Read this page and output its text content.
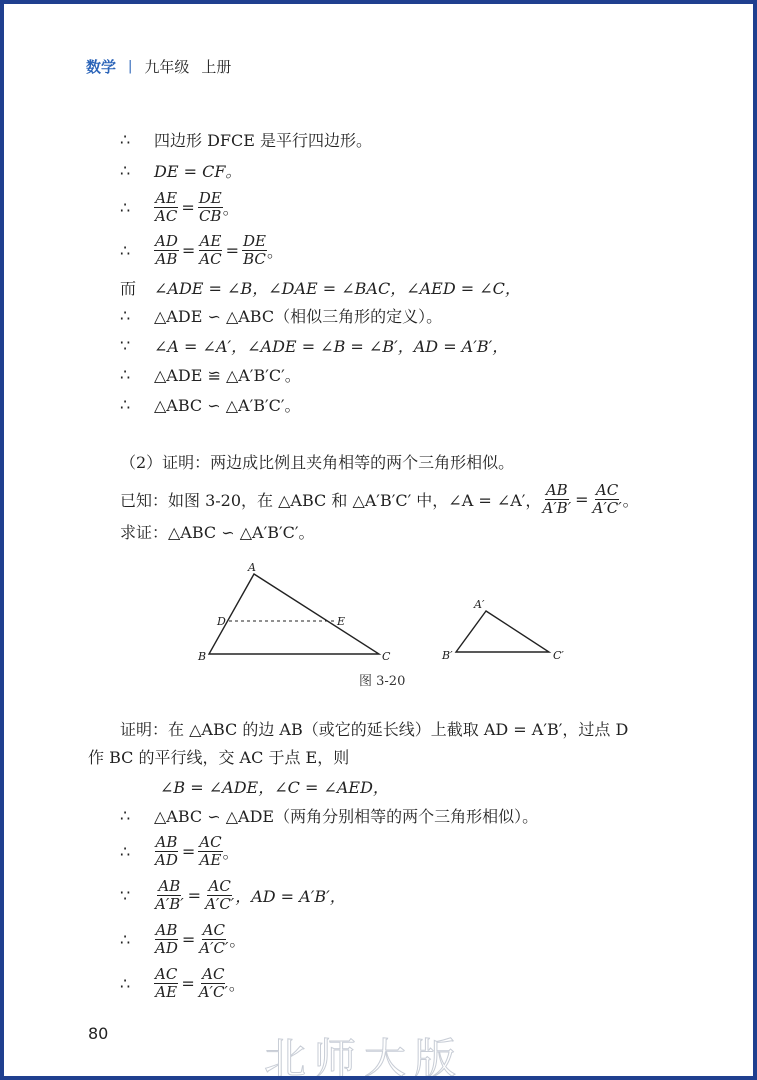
数学 | 九年级 上册
∴	四边形 DFCE 是平行四边形。
∴	DE = CF。
∴	$\frac{AE}{AC} = \frac{DE}{CB}$ 。
∴	$\frac{AD}{AB} = \frac{AE}{AC} = \frac{DE}{BC}$ 。
而	∠ADE = ∠B，∠DAE = ∠BAC，∠AED = ∠C，
∴	△ADE ∽ △ABC（相似三角形的定义）。
∵	∠A = ∠A′，∠ADE = ∠B = ∠B′，AD = A′B′，
∴	△ADE ≌ △A′B′C′。
∴	△ABC ∽ △A′B′C′。
（2）证明：两边成比例且夹角相等的两个三角形相似。
已知：如图 3-20，在 △ABC 和 △A′B′C′ 中，∠A = ∠A′， $\frac{AB}{A'B'} = \frac{AC}{A'C'}$ 。
求证：△ABC ∽ △A′B′C′。
A
B	C
D	E
A′
B′	C′
图 3-20
证明：在 △ABC 的边 AB（或它的延长线）上截取 AD = A′B′，过点 D
作 BC 的平行线，交 AC 于点 E，则
∠B = ∠ADE，∠C = ∠AED，
∴	△ABC ∽ △ADE（两角分别相等的两个三角形相似）。
∴	$\frac{AB}{AD} = \frac{AC}{AE}$ 。
∵	$\frac{AB}{A'B'} = \frac{AC}{A'C'}$ ，AD = A′B′，
∴	$\frac{AB}{AD} = \frac{AC}{A'C'}$ 。
∴	$\frac{AC}{AE} = \frac{AC}{A'C'}$ 。
80
北师大版
